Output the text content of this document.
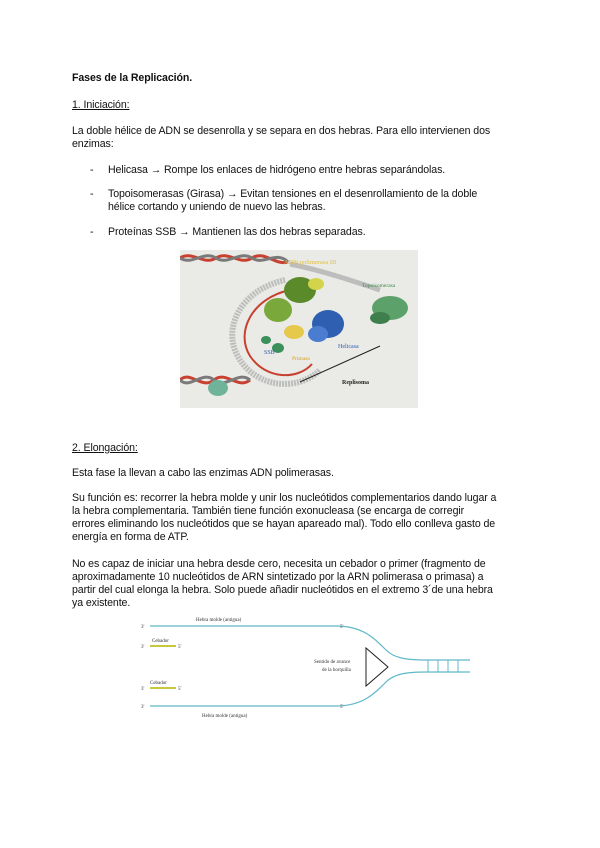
Fases de la Replicación.

1. Iniciación:

La doble hélice de ADN se desenrolla y se separa en dos hebras. Para ello intervienen dos

enzimas:

- Helicasa → Rompe los enlaces de hidrógeno entre hebras separándolas.

- Topoisomerasas (Girasa) → Evitan tensiones en el desenrollamiento de la doble

hélice cortando y uniendo de nuevo las hebras.

- Proteínas SSB → Mantienen las dos hebras separadas.

ADN polimerasa III
Topoisomerasa
Helicasa
SSB
Primasa
Replisoma

2. Elongación:

Esta fase la llevan a cabo las enzimas ADN polimerasas.

Su función es: recorrer la hebra molde y unir los nucleótidos complementarios dando lugar a

la hebra complementaria. También tiene función exonucleasa (se encarga de corregir

errores eliminando los nucleótidos que se hayan apareado mal). Todo ello conlleva gasto de

energía en forma de ATP.

No es capaz de iniciar una hebra desde cero, necesita un cebador o primer (fragmento de

aproximadamente 10 nucleótidos de ARN sintetizado por la ARN polimerasa o primasa) a

partir del cual elonga la hebra. Solo puede añadir nucleótidos en el extremo 3´de una hebra

ya existente.

Hebra molde (antigua)
Hebra molde (antigua)
Cebador
Cebador
Sentido de avance
de la horquilla
3'	5'
3'	5'
3'	5'
3'	5'
